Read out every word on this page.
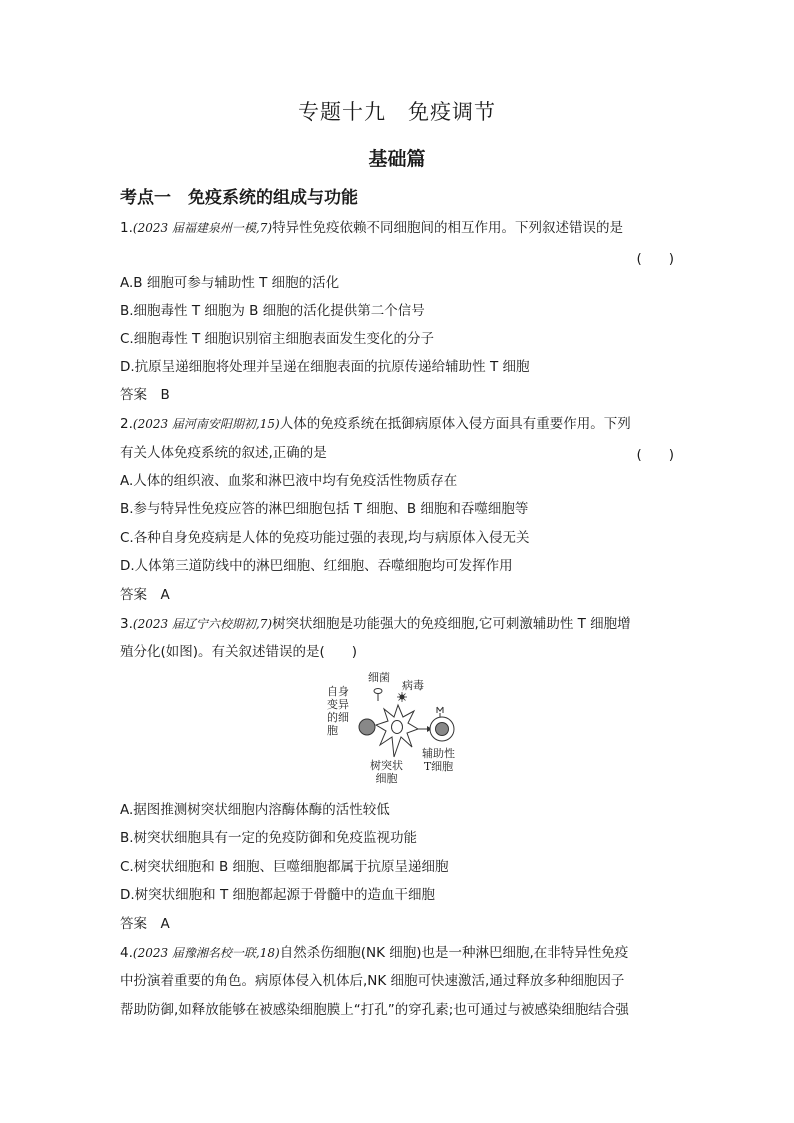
专题十九　免疫调节
基础篇
考点一　免疫系统的组成与功能
1.(2023 届福建泉州一模,7)特异性免疫依赖不同细胞间的相互作用。下列叙述错误的是
(　　)
A.B 细胞可参与辅助性 T 细胞的活化
B.细胞毒性 T 细胞为 B 细胞的活化提供第二个信号
C.细胞毒性 T 细胞识别宿主细胞表面发生变化的分子
D.抗原呈递细胞将处理并呈递在细胞表面的抗原传递给辅助性 T 细胞
答案　B
2.(2023 届河南安阳期初,15)人体的免疫系统在抵御病原体入侵方面具有重要作用。下列
有关人体免疫系统的叙述,正确的是	(　　)
A.人体的组织液、血浆和淋巴液中均有免疫活性物质存在
B.参与特异性免疫应答的淋巴细胞包括 T 细胞、B 细胞和吞噬细胞等
C.各种自身免疫病是人体的免疫功能过强的表现,均与病原体入侵无关
D.人体第三道防线中的淋巴细胞、红细胞、吞噬细胞均可发挥作用
答案　A
3.(2023 届辽宁六校期初,7)树突状细胞是功能强大的免疫细胞,它可刺激辅助性 T 细胞增
殖分化(如图)。有关叙述错误的是(　　)
自身
变异
的细
胞
细菌
病毒
树突状
细胞
辅助性
T细胞
A.据图推测树突状细胞内溶酶体酶的活性较低
B.树突状细胞具有一定的免疫防御和免疫监视功能
C.树突状细胞和 B 细胞、巨噬细胞都属于抗原呈递细胞
D.树突状细胞和 T 细胞都起源于骨髓中的造血干细胞
答案　A
4.(2023 届豫湘名校一联,18)自然杀伤细胞(NK 细胞)也是一种淋巴细胞,在非特异性免疫
中扮演着重要的角色。病原体侵入机体后,NK 细胞可快速激活,通过释放多种细胞因子
帮助防御,如释放能够在被感染细胞膜上“打孔”的穿孔素;也可通过与被感染细胞结合强
